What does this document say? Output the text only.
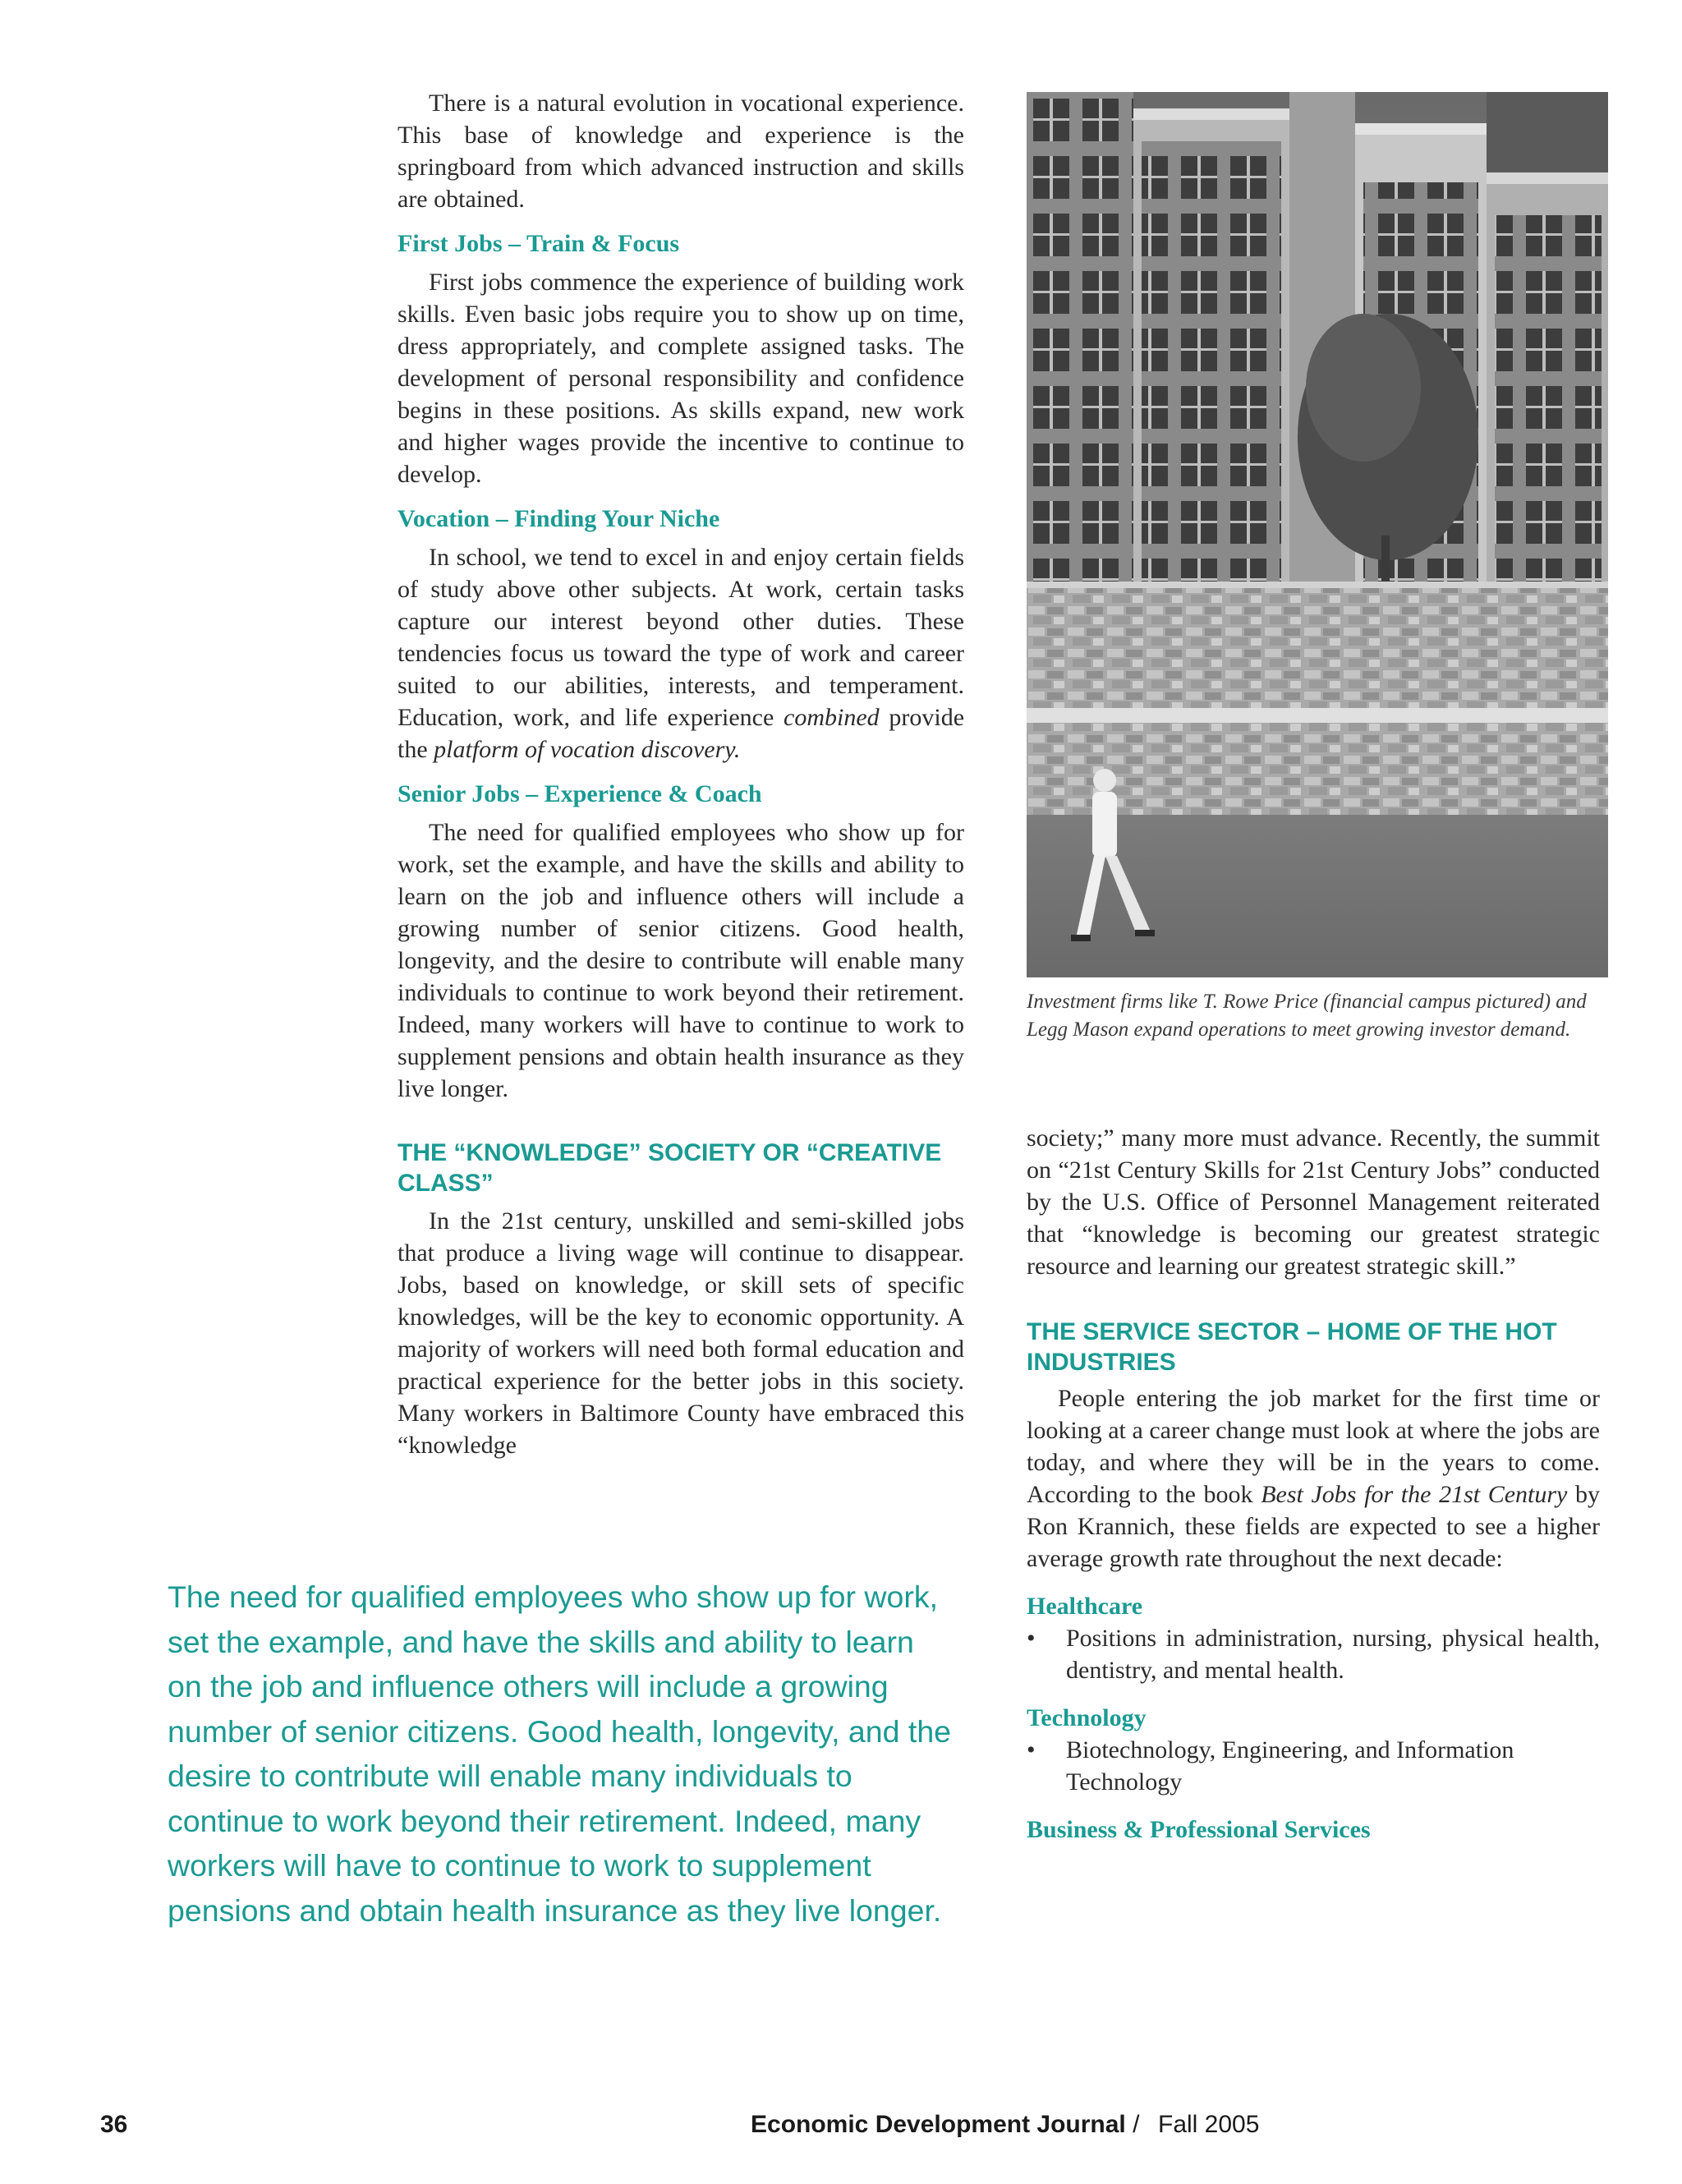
There is a natural evolution in vocational experience. This base of knowledge and experience is the springboard from which advanced instruction and skills are obtained.

First Jobs – Train & Focus

First jobs commence the experience of building work skills. Even basic jobs require you to show up on time, dress appropriately, and complete assigned tasks. The development of personal responsibility and confidence begins in these positions. As skills expand, new work and higher wages provide the incentive to continue to develop.

Vocation – Finding Your Niche

In school, we tend to excel in and enjoy certain fields of study above other subjects. At work, certain tasks capture our interest beyond other duties. These tendencies focus us toward the type of work and career suited to our abilities, interests, and temperament. Education, work, and life experience combined provide the platform of vocation discovery.

Senior Jobs – Experience & Coach

The need for qualified employees who show up for work, set the example, and have the skills and ability to learn on the job and influence others will include a growing number of senior citizens. Good health, longevity, and the desire to contribute will enable many individuals to continue to work beyond their retirement. Indeed, many workers will have to continue to work to supplement pensions and obtain health insurance as they live longer.

THE “KNOWLEDGE” SOCIETY OR “CREATIVE CLASS”

In the 21st century, unskilled and semi-skilled jobs that produce a living wage will continue to disappear. Jobs, based on knowledge, or skill sets of specific knowledges, will be the key to economic opportunity. A majority of workers will need both formal education and practical experience for the better jobs in this society. Many workers in Baltimore County have embraced this “knowledge

Investment firms like T. Rowe Price (financial campus pictured) and Legg Mason expand operations to meet growing investor demand.

society;” many more must advance. Recently, the summit on “21st Century Skills for 21st Century Jobs” conducted by the U.S. Office of Personnel Management reiterated that “knowledge is becoming our greatest strategic resource and learning our greatest strategic skill.”

THE SERVICE SECTOR – HOME OF THE HOT INDUSTRIES

People entering the job market for the first time or looking at a career change must look at where the jobs are today, and where they will be in the years to come. According to the book Best Jobs for the 21st Century by Ron Krannich, these fields are expected to see a higher average growth rate throughout the next decade:

Healthcare
•	Positions in administration, nursing, physical health, dentistry, and mental health.
Technology
•	Biotechnology, Engineering, and Information Technology
Business & Professional Services
The need for qualified employees who show up for work, set the example, and have the skills and ability to learn on the job and influence others will include a growing number of senior citizens. Good health, longevity, and the desire to contribute will enable many individuals to continue to work beyond their retirement. Indeed, many workers will have to continue to work to supplement pensions and obtain health insurance as they live longer.
36	Economic Development Journal / Fall 2005
